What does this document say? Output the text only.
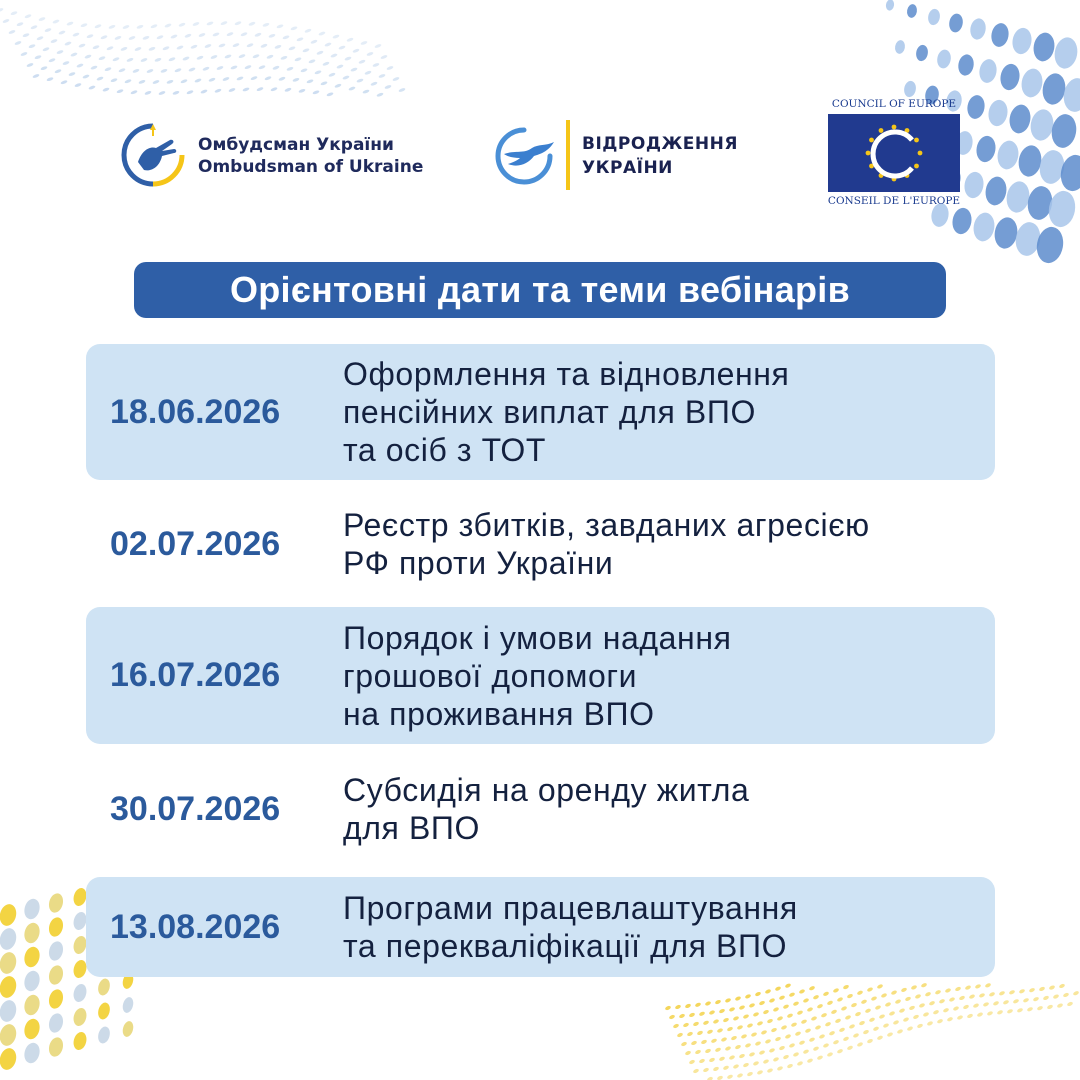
Омбудсман України
Ombudsman of Ukraine
ВІДРОДЖЕННЯ
УКРАЇНИ
COUNCIL OF EUROPE
CONSEIL DE L'EUROPE
Орієнтовні дати та теми вебінарів
18.06.2026
Оформлення та відновлення
пенсійних виплат для ВПО
та осіб з ТОТ
02.07.2026 Реєстр збитків, завданих агресією
РФ проти України
16.07.2026
Порядок і умови надання
грошової допомоги
на проживання ВПО
30.07.2026 Субсидія на оренду житла
для ВПО
13.08.2026 Програми працевлаштування
та перекваліфікації для ВПО
